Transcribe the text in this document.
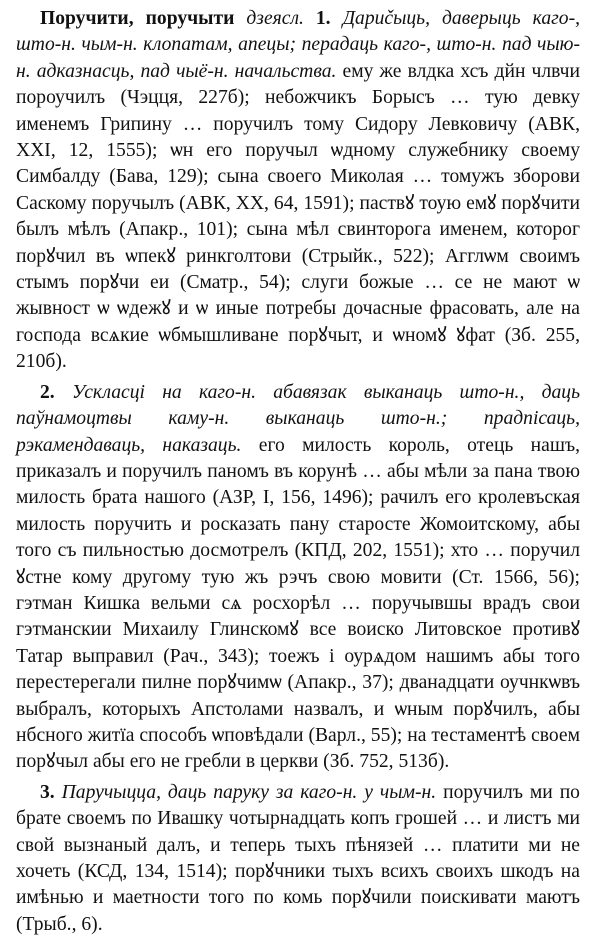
Поручити, поручыти дзеясл. 1. Дарučыць, даверыць каго-, што-н. чым-н. клопатам, апецы; перадаць каго-, што-н. пад чыю-н. адказнасць, пад чыё-н. начальства. ему же влдка хсъ дйн члвчи пороучилъ (Чэцця, 227б); небожчикъ Борысъ … тую девку именемъ Грипину … поручилъ тому Сидору Левковичу (АВК, XXI, 12, 1555); ѡн его поручыл ѡдному служебнику своему Симбалду (Бава, 129); сына своего Миколая … томужъ зборови Саскому поручылъ (АВК, XX, 64, 1591); паствꙋ тоую емꙋ порꙋчити былъ мѣлъ (Апакр., 101); сына мѣл свинторога именем, которог порꙋчил въ ѡпекꙋ ринкголтови (Стрыйк., 522); Агглѡм своимъ стымъ порꙋчи еи (Сматр., 54); слуги божые … се не мают ѡ жывност ѡ ѡдежꙋ и ѡ иные потребы дочасные фрасовать, але на господа всѧкие ѡбмышливане порꙋчыт, и ѡномꙋ ꙋфат (Зб. 255, 210б).

2. Ускласці на каго-н. абавязак выканаць што-н., даць паўнамоцтвы каму-н. выканаць што-н.; прадпісаць, рэкамендаваць, наказаць. его милость король, отець нашъ, приказалъ и поручилъ паномъ въ корунѣ … абы мѣли за пана твою милость брата нашого (АЗР, I, 156, 1496); рачилъ его кролевъская милость поручить и росказать пану старосте Жомоитскому, абы того съ пильностью досмотрелъ (КПД, 202, 1551); хто … поручил ꙋстне кому другому тую жъ рэчъ свою мовити (Ст. 1566, 56); гэтман Кишка вельми сѧ росхорѣл … поручывшы врадъ свои гэтманскии Михаилу Глинскомꙋ все воиско Литовское противꙋ Татар выправил (Рач., 343); тоежъ і оурѧдом нашимъ абы того перестерегали пилне порꙋчимѡ (Апакр., 37); дванадцати оучнкѡвъ выбралъ, которыхъ Апстолами назвалъ, и ѡным порꙋчилъ, абы нбсного житїа способъ ѡповѣдали (Варл., 55); на тестаментѣ своем порꙋчыл абы его не гребли в церкви (Зб. 752, 513б).

3. Паручыцца, даць паруку за каго-н. у чым-н. поручилъ ми по брате своемъ по Ивашку чотырнадцать копъ грошей … и листъ ми свой вызнаный далъ, и теперь тыхъ пѣнязей … платити ми не хочеть (КСД, 134, 1514); порꙋчники тыхъ всихъ своихъ шкодъ на имѣнью и маетности того по комь порꙋчили поискивати маютъ (Трыб., 6).
